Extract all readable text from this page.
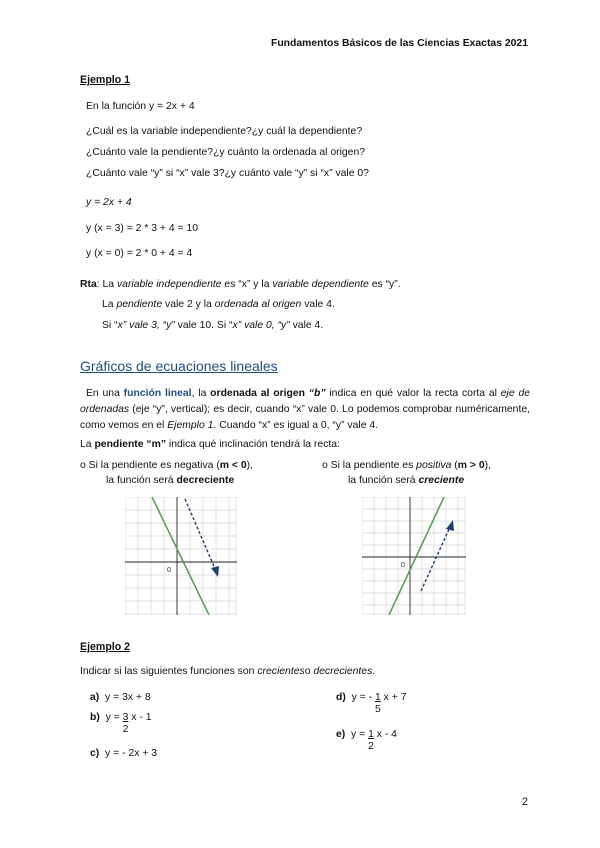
Fundamentos Básicos de las Ciencias Exactas 2021
Ejemplo 1
En la función y = 2x + 4
¿Cuál es la variable independiente?¿y cuál la dependiente?
¿Cuánto vale la pendiente?¿y cuánto la ordenada al origen?
¿Cuánto vale “y” si “x” vale 3?¿y cuánto vale “y” si “x” vale 0?
y = 2x + 4
y (x = 3) = 2 * 3 + 4 = 10
y (x = 0) = 2 * 0 + 4 = 4
Rta: La variable independiente es “x” y la variable dependiente es “y”.
La pendiente vale 2 y la ordenada al origen vale 4.
Si “x” vale 3, “y” vale 10. Si “x” vale 0, “y” vale 4.
Gráficos de ecuaciones lineales

En una función lineal, la ordenada al origen “b” indica en qué valor la recta corta al eje de ordenadas (eje “y”, vertical); es decir, cuando “x” vale 0. Lo podemos comprobar numéricamente, como vemos en el Ejemplo 1. Cuando “x” es igual a 0, “y” vale 4.

La pendiente “m” indica qué inclinación tendrá la recta:
o Si la pendiente es negativa (m < 0),
la función será decreciente
o Si la pendiente es positiva (m > 0),
la función será creciente
0
0
Ejemplo 2
Indicar si las siguientes funciones son crecienteso decrecientes.
a) y = 3x + 8
b) $y = \frac{3}{2}$ x - 1
c) y = - 2x + 3
d) y = - $\frac{1}{5}$ x + 7
e) $y = \frac{1}{2}$ x - 4
2
